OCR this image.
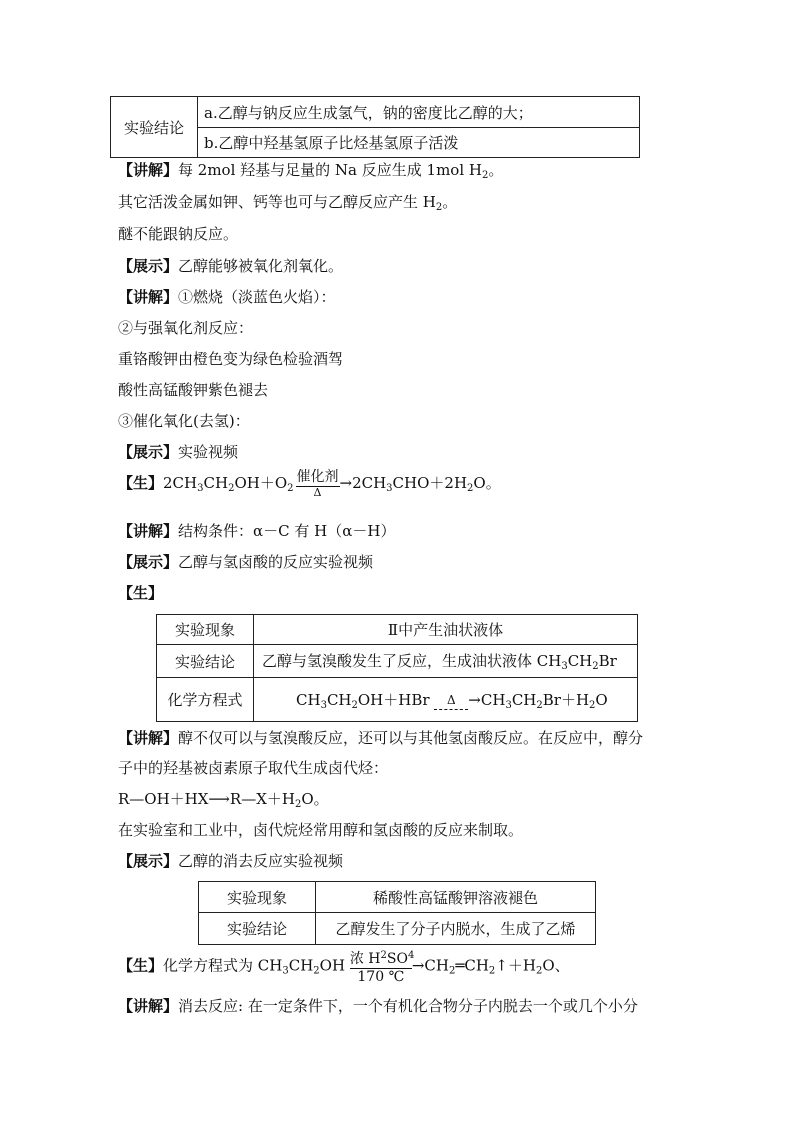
实验结论	a.乙醇与钠反应生成氢气，钠的密度比乙醇的大；
b.乙醇中羟基氢原子比烃基氢原子活泼
【讲解】每 2mol 羟基与足量的 Na 反应生成 1mol $H_2$。
其它活泼金属如钾、钙等也可与乙醇反应产生 $H_2$。
醚不能跟钠反应。
【展示】乙醇能够被氧化剂氧化。
【讲解】①燃烧（淡蓝色火焰）：
②与强氧化剂反应：
重铬酸钾由橙色变为绿色检验酒驾
酸性高锰酸钾紫色褪去
③催化氧化(去氢)：
【展示】实验视频
【生】$2CH_3CH_2OH+O_2$
催化剂
Δ
$\to 2CH_3CHO+2H_2O$。
【讲解】结构条件：α－C 有 H（α－H）
【展示】乙醇与氢卤酸的反应实验视频
【生】
实验现象	Ⅱ中产生油状液体
实验结论	乙醇与氢溴酸发生了反应，生成油状液体 $CH_3CH_2Br$
化学方程式	$CH_3CH_2OH+HBr$ $\Delta \to CH_3CH_2Br+H_2O$
【讲解】醇不仅可以与氢溴酸反应，还可以与其他氢卤酸反应。在反应中，醇分
子中的羟基被卤素原子取代生成卤代烃：
$R—OH+HX⟶R—X+H_2O$。
在实验室和工业中，卤代烷烃常用醇和氢卤酸的反应来制取。
【展示】乙醇的消去反应实验视频
实验现象	稀酸性高锰酸钾溶液褪色
实验结论	乙醇发生了分子内脱水，生成了乙烯
【生】化学方程式为 $CH_3CH_2OH$ 浓 $H^2SO^4$
170 ℃
$\to CH_2═CH_2↑+H_2O$、
【讲解】消去反应: 在一定条件下，一个有机化合物分子内脱去一个或几个小分
